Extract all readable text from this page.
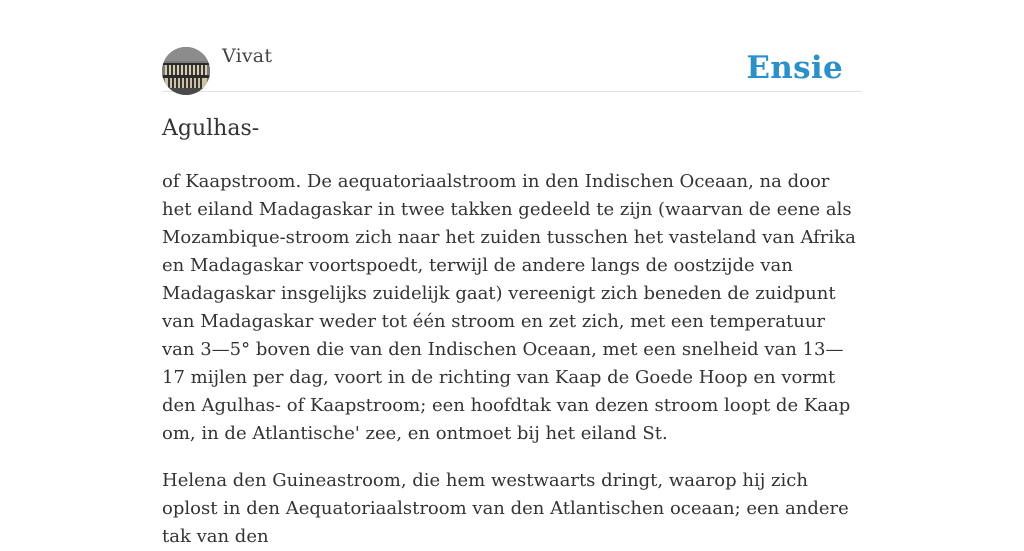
Vivat	Ensie
Agulhas-

of Kaapstroom. De aequatoriaalstroom in den Indischen Oceaan, na door het eiland Madagaskar in twee takken gedeeld te zijn (waarvan de eene als Mozambique-stroom zich naar het zuiden tusschen het vasteland van Afrika en Madagaskar voortspoedt, terwijl de andere langs de oostzijde van Madagaskar insgelijks zuidelijk gaat) vereenigt zich beneden de zuidpunt van Madagaskar weder tot één stroom en zet zich, met een temperatuur van 3—5° boven die van den Indischen Oceaan, met een snelheid van 13—17 mijlen per dag, voort in de richting van Kaap de Goede Hoop en vormt den Agulhas- of Kaapstroom; een hoofdtak van dezen stroom loopt de Kaap om, in de Atlantische' zee, en ontmoet bij het eiland St.

Helena den Guineastroom, die hem westwaarts dringt, waarop hij zich oplost in den Aequatoriaalstroom van den Atlantischen oceaan; een andere tak van den
